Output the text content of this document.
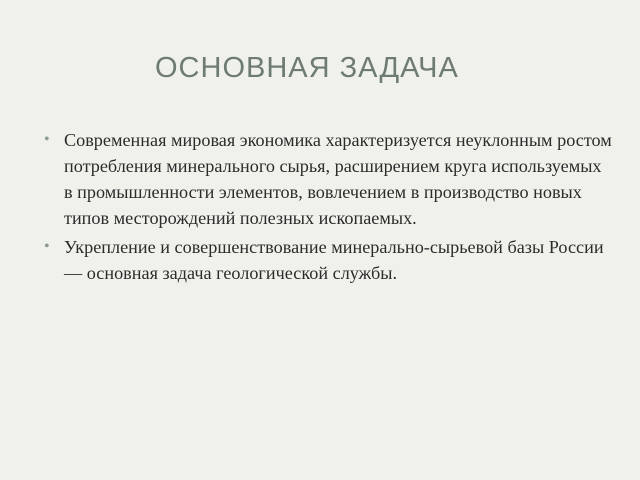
ОСНОВНАЯ ЗАДАЧА
• Современная мировая экономика характеризуется неуклонным ростом потребления минерального сырья, расширением круга используемых в промышленности элементов, вовлечением в производство новых типов месторождений полезных ископаемых.
• Укрепление и совершенствование минерально-сырьевой базы России — основная задача геологической службы.
